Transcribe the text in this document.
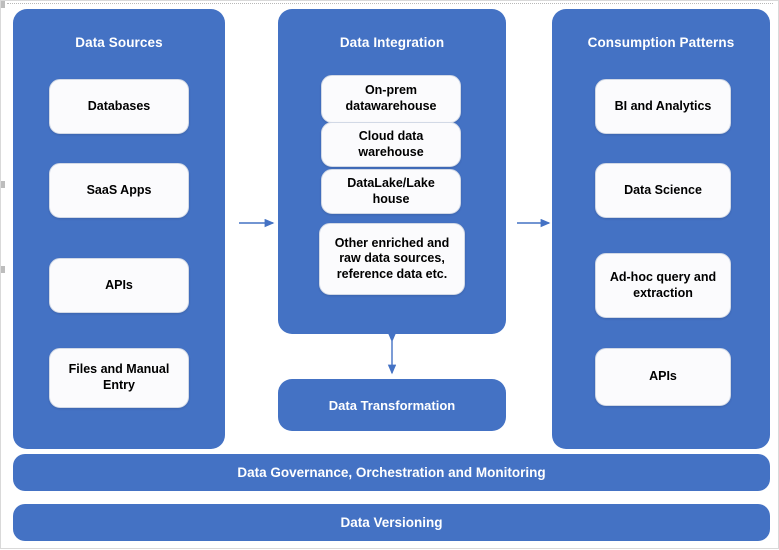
Data Sources
Databases
SaaS Apps
APIs
Files and Manual Entry
Data Integration
On-prem datawarehouse
Cloud data warehouse
DataLake/Lake house
Other enriched and raw data sources, reference data etc.
Consumption Patterns
BI and Analytics
Data Science
Ad-hoc query and extraction
APIs
Data Transformation
Data Governance, Orchestration and Monitoring
Data Versioning
